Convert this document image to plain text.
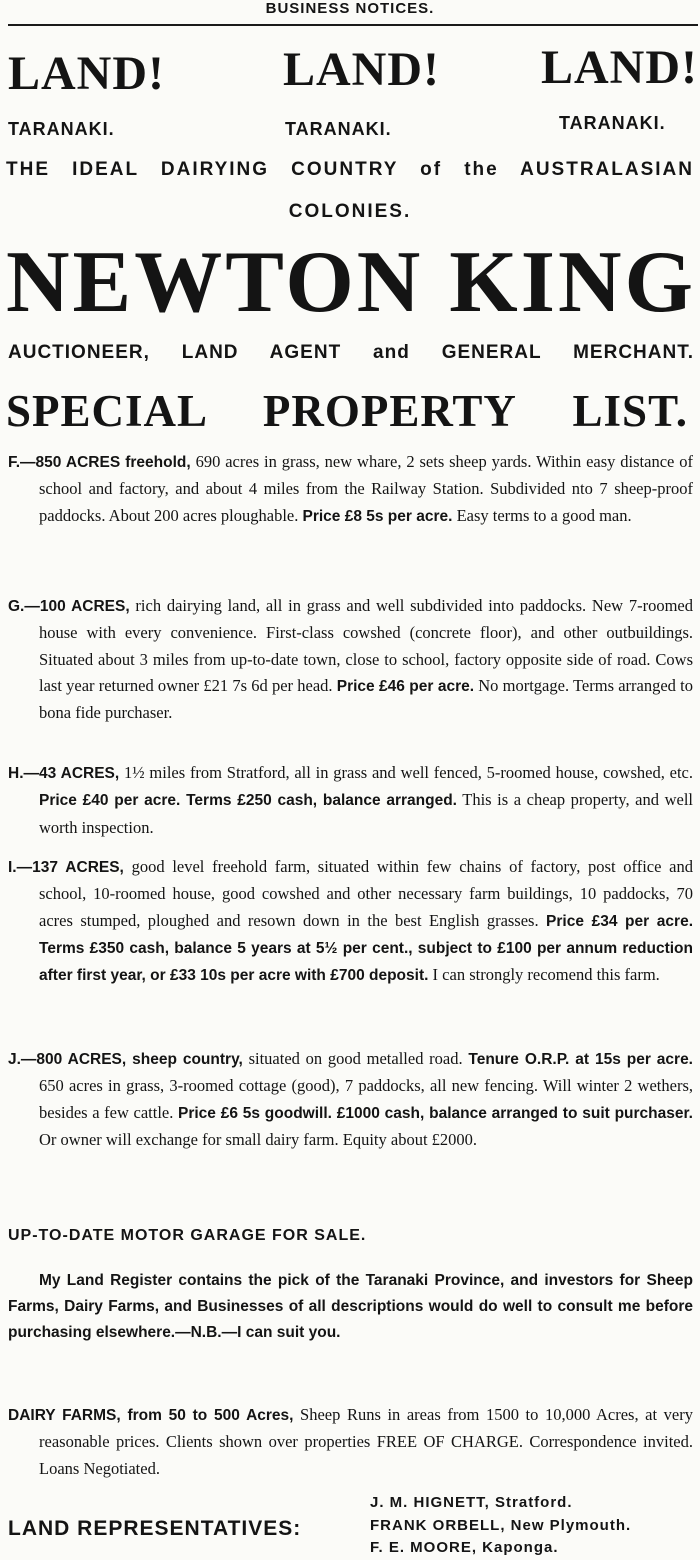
BUSINESS NOTICES.
LAND! LAND! LAND!
TARANAKI.	TARANAKI.	TARANAKI.
THE IDEAL DAIRYING COUNTRY of the AUSTRALASIAN
COLONIES.
NEWTON KING
AUCTIONEER, LAND AGENT and GENERAL MERCHANT.
SPECIAL PROPERTY LIST.
F.—850 ACRES freehold, 690 acres in grass, new whare, 2 sets sheep yards. Within easy distance of school and factory, and about 4 miles from the Railway Station. Subdivided nto 7 sheep-proof paddocks. About 200 acres ploughable. Price £8 5s per acre. Easy terms to a good man.
G.—100 ACRES, rich dairying land, all in grass and well subdivided into paddocks. New 7-roomed house with every convenience. First-class cowshed (concrete floor), and other outbuildings. Situated about 3 miles from up-to-date town, close to school, factory opposite side of road. Cows last year returned owner £21 7s 6d per head. Price £46 per acre. No mortgage. Terms arranged to bona fide purchaser.
H.—43 ACRES, 1½ miles from Stratford, all in grass and well fenced, 5-roomed house, cowshed, etc. Price £40 per acre. Terms £250 cash, balance arranged. This is a cheap property, and well worth inspection.
I.—137 ACRES, good level freehold farm, situated within few chains of factory, post office and school, 10-roomed house, good cowshed and other necessary farm buildings, 10 paddocks, 70 acres stumped, ploughed and resown down in the best English grasses. Price £34 per acre. Terms £350 cash, balance 5 years at 5½ per cent., subject to £100 per annum reduction after first year, or £33 10s per acre with £700 deposit. I can strongly recomend this farm.
J.—800 ACRES, sheep country, situated on good metalled road. Tenure O.R.P. at 15s per acre. 650 acres in grass, 3-roomed cottage (good), 7 paddocks, all new fencing. Will winter 2 wethers, besides a few cattle. Price £6 5s goodwill. £1000 cash, balance arranged to suit purchaser. Or owner will exchange for small dairy farm. Equity about £2000.
UP-TO-DATE MOTOR GARAGE FOR SALE.
My Land Register contains the pick of the Taranaki Province, and investors for Sheep Farms, Dairy Farms, and Businesses of all descriptions would do well to consult me before purchasing elsewhere.—N.B.—I can suit you.
DAIRY FARMS, from 50 to 500 Acres, Sheep Runs in areas from 1500 to 10,000 Acres, at very reasonable prices. Clients shown over properties FREE OF CHARGE. Correspondence invited. Loans Negotiated.
J. M. HIGNETT, Stratford.
FRANK ORBELL, New Plymouth.
F. E. MOORE, Kaponga.
LAND REPRESENTATIVES:
